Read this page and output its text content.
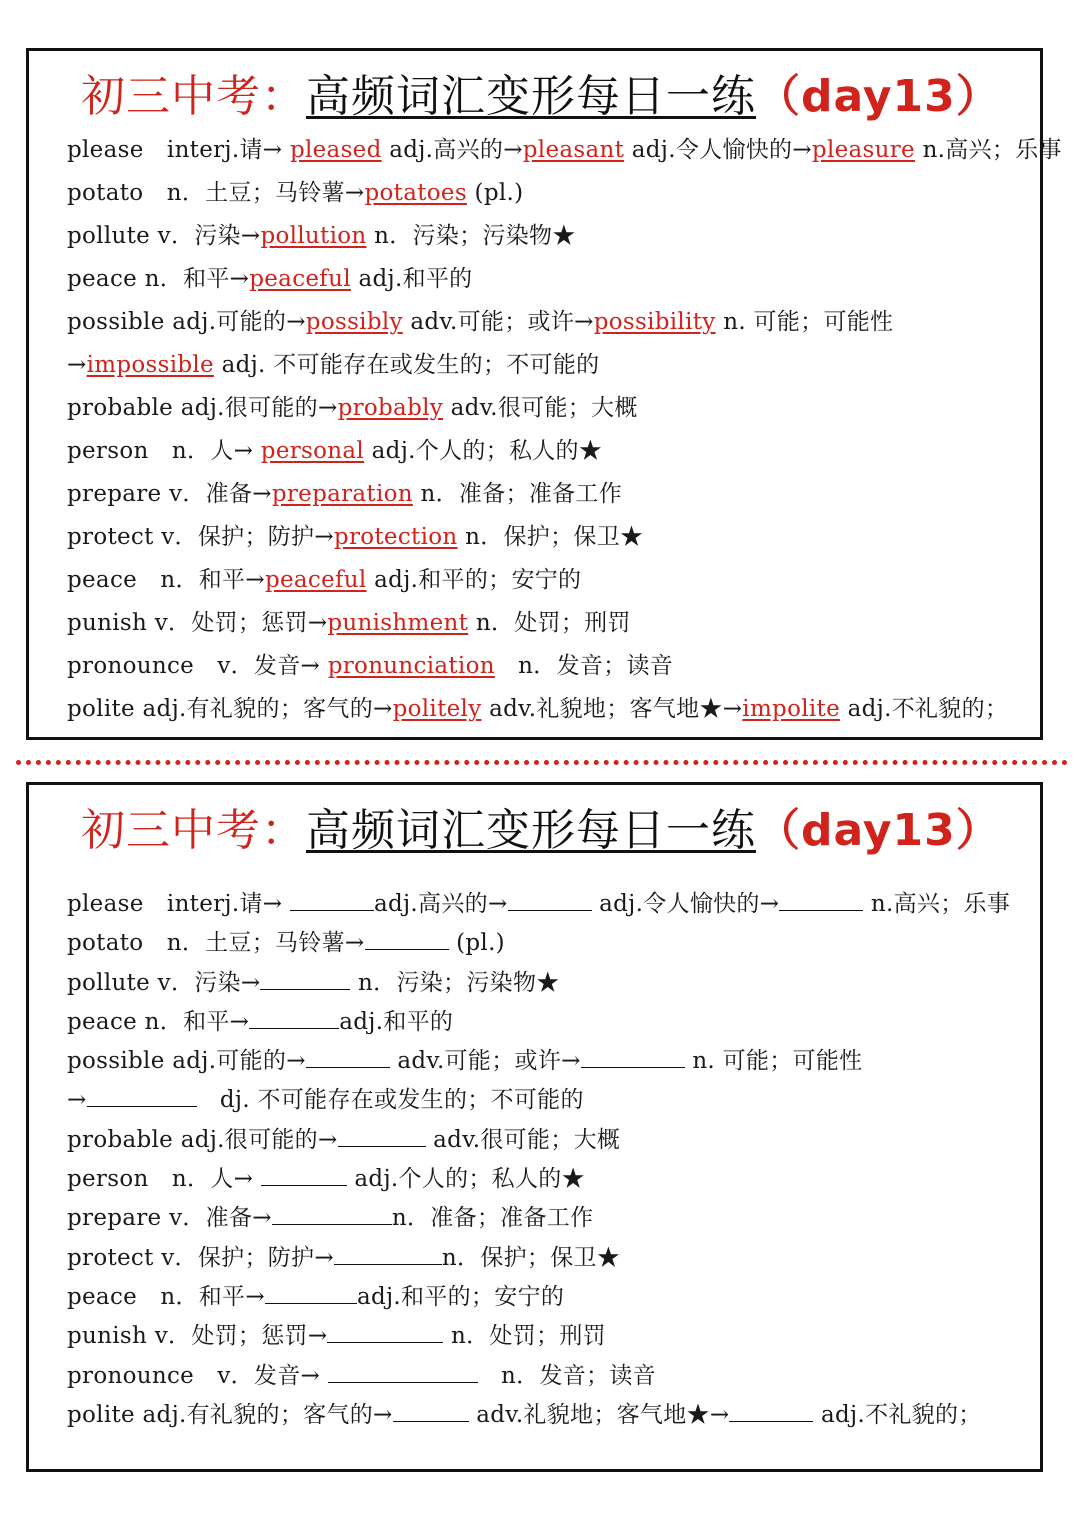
初三中考：高频词汇变形每日一练（day13）
please　interj.请→ pleased adj.高兴的→pleasant adj.令人愉快的→pleasure n.高兴；乐事
potato　n．土豆；马铃薯→potatoes (pl.)
pollute v．污染→pollution n．污染；污染物★
peace n．和平→peaceful adj.和平的
possible adj.可能的→possibly adv.可能；或许→possibility n. 可能；可能性
→impossible adj. 不可能存在或发生的；不可能的
probable adj.很可能的→probably adv.很可能；大概
person　n．人→ personal adj.个人的；私人的★
prepare v．准备→preparation n．准备；准备工作
protect v．保护；防护→protection n．保护；保卫★
peace　n．和平→peaceful adj.和平的；安宁的
punish v．处罚；惩罚→punishment n．处罚；刑罚
pronounce　v．发音→ pronunciation　n．发音；读音
polite adj.有礼貌的；客气的→politely adv.礼貌地；客气地★→impolite adj.不礼貌的；
初三中考：高频词汇变形每日一练（day13）
please　interj.请→	adj.高兴的→	adj.令人愉快的→	n.高兴；乐事
potato　n．土豆；马铃薯→	(pl.)
pollute v．污染→	n．污染；污染物★
peace n．和平→	adj.和平的
possible adj.可能的→	adv.可能；或许→	n. 可能；可能性
→	　dj. 不可能存在或发生的；不可能的
probable adj.很可能的→	adv.很可能；大概
person　n．人→	adj.个人的；私人的★
prepare v．准备→	n．准备；准备工作
protect v．保护；防护→	n．保护；保卫★
peace　n．和平→	adj.和平的；安宁的
punish v．处罚；惩罚→	n．处罚；刑罚
pronounce　v．发音→	　n．发音；读音
polite adj.有礼貌的；客气的→	adv.礼貌地；客气地★→	adj.不礼貌的；
